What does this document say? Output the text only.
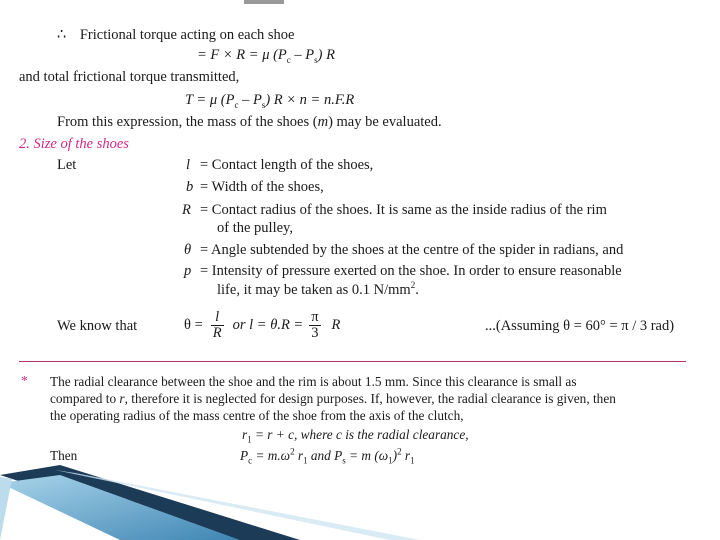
∴ Frictional torque acting on each shoe
= F × R = μ $(P_c - P_s)$ R
and total frictional torque transmitted,
T = μ $(P_c - P_s) R \times n = n.F.R$
From this expression, the mass of the shoes (m) may be evaluated.
2. Size of the shoes
Let	l = Contact length of the shoes,
b = Width of the shoes,
R = Contact radius of the shoes. It is same as the inside radius of the rim
of the pulley,
θ = Angle subtended by the shoes at the centre of the spider in radians, and
p = Intensity of pressure exerted on the shoe. In order to ensure reasonable
life, it may be taken as 0.1 $N/mm^2$.
We know that	$\theta = \frac{l}{R}$ or $l = \theta.R = \frac{\pi}{3}$ R	...(Assuming θ = 60° = π / 3 rad)
* The radial clearance between the shoe and the rim is about 1.5 mm. Since this clearance is small as
compared to r, therefore it is neglected for design purposes. If, however, the radial clearance is given, then
the operating radius of the mass centre of the shoe from the axis of the clutch,
$r_1 = r + c$, where c is the radial clearance,
Then	$P_c = m.\omega^2$ $r_1$ and $P_s = m$ $(\omega_1)^2$ $r_1$
